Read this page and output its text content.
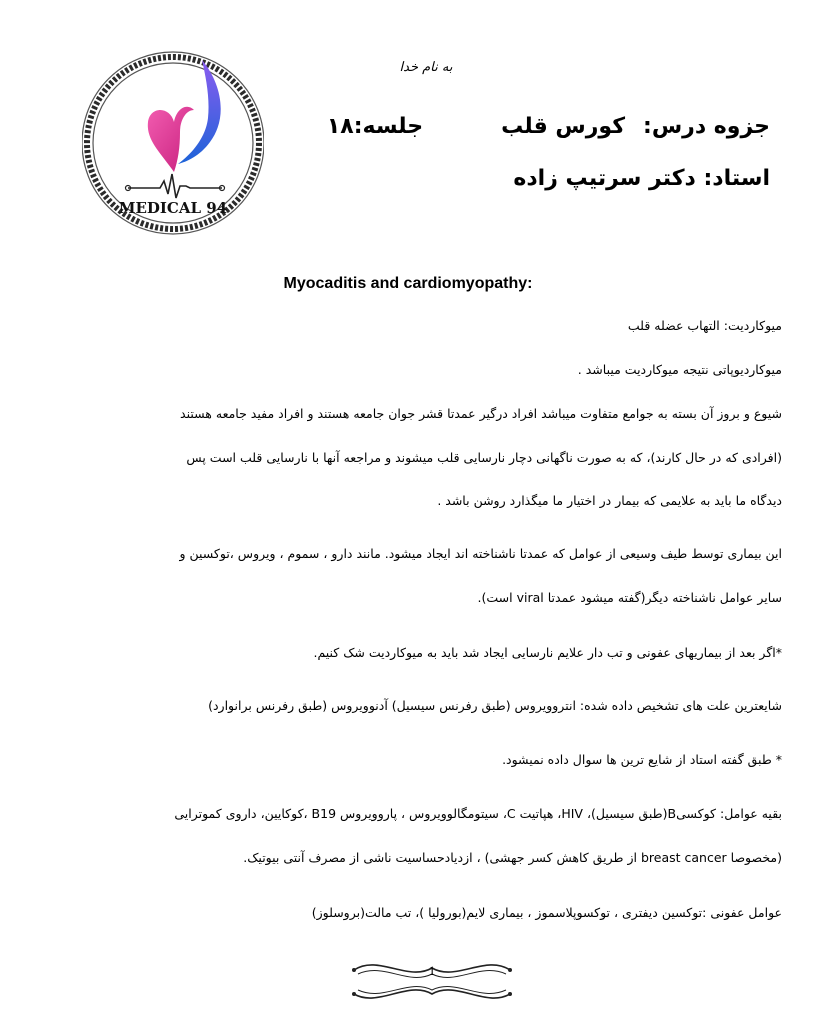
MEDICAL 94
به نام خدا
جزوه درس:کورس قلبجلسه:۱۸
استاد: دکتر سرتیپ زاده
Myocaditis and cardiomyopathy:
میوکاردیت: التهاب عضله قلب
میوکاردیوپاتی نتیجه میوکاردیت میباشد .
شیوع و بروز آن بسته به جوامع متفاوت میباشد افراد درگیر عمدتا قشر جوان جامعه هستند و افراد مفید جامعه هستند
(افرادی که در حال کارند)، که به صورت ناگهانی دچار نارسایی قلب میشوند و مراجعه آنها با نارسایی قلب است پس
دیدگاه ما باید به علایمی که بیمار در اختیار ما میگذارد روشن باشد .
این بیماری توسط طیف وسیعی از عوامل که عمدتا ناشناخته اند ایجاد میشود. مانند دارو ، سموم ، ویروس ،توکسین و
سایر عوامل ناشناخته دیگر(گفته میشود عمدتا viral است).
*اگر بعد از بیماریهای عفونی و تب دار علایم نارسایی ایجاد شد باید به میوکاردیت شک کنیم.
شایعترین علت های تشخیص داده شده: انتروویروس (طبق رفرنس سیسیل) آدنوویروس (طبق رفرنس برانوارد)
* طبق گفته استاد از شایع ترین ها سوال داده نمیشود.
بقیه عوامل: کوکسیB(طبق سیسیل)، HIV، هپاتیت C، سیتومگالوویروس ، پاروویروس B19 ،کوکایین، داروی کموترایی
(مخصوصا breast cancer از طریق کاهش کسر جهشی) ، ازدیادحساسیت ناشی از مصرف آنتی بیوتیک.
عوامل عفونی :توکسین دیفتری ، توکسوپلاسموز ، بیماری لایم(بورولیا )، تب مالت(بروسلوز)
1
